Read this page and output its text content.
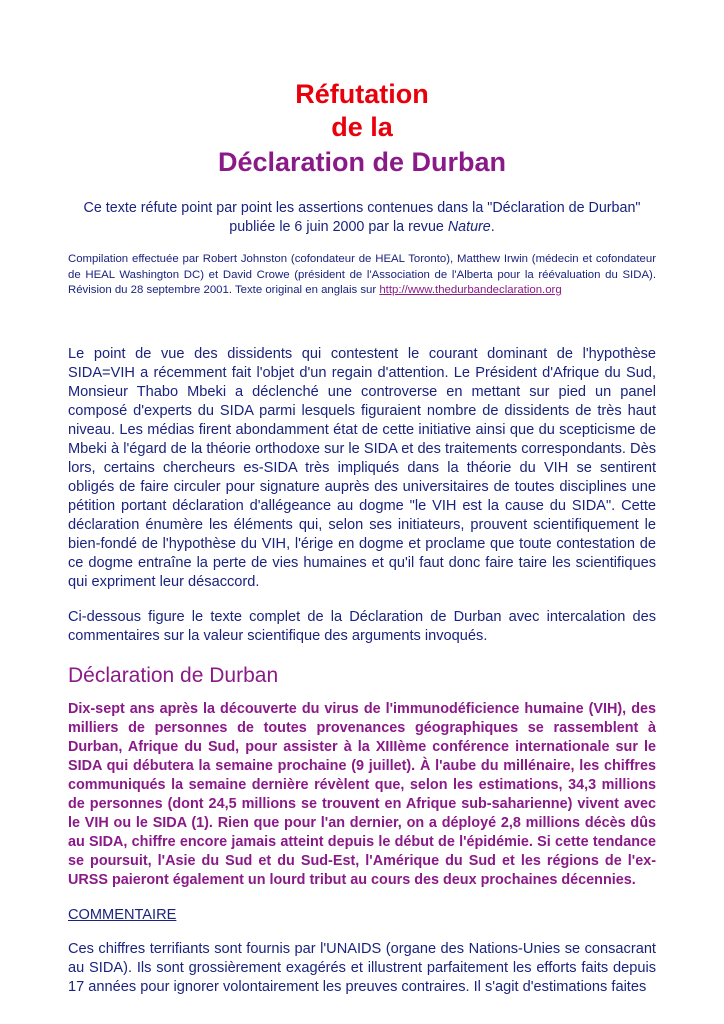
Réfutation
de la
Déclaration de Durban

Ce texte réfute point par point les assertions contenues dans la "Déclaration de Durban" publiée le 6 juin 2000 par la revue Nature.

Compilation effectuée par Robert Johnston (cofondateur de HEAL Toronto), Matthew Irwin (médecin et cofondateur de HEAL Washington DC) et David Crowe (président de l'Association de l'Alberta pour la réévaluation du SIDA). Révision du 28 septembre 2001. Texte original en anglais sur http://www.thedurbandeclaration.org

Le point de vue des dissidents qui contestent le courant dominant de l'hypothèse SIDA=VIH a récemment fait l'objet d'un regain d'attention. Le Président d'Afrique du Sud, Monsieur Thabo Mbeki a déclenché une controverse en mettant sur pied un panel composé d'experts du SIDA parmi lesquels figuraient nombre de dissidents de très haut niveau. Les médias firent abondamment état de cette initiative ainsi que du scepticisme de Mbeki à l'égard de la théorie orthodoxe sur le SIDA et des traitements correspondants. Dès lors, certains chercheurs es-SIDA très impliqués dans la théorie du VIH se sentirent obligés de faire circuler pour signature auprès des universitaires de toutes disciplines une pétition portant déclaration d'allégeance au dogme "le VIH est la cause du SIDA". Cette déclaration énumère les éléments qui, selon ses initiateurs, prouvent scientifiquement le bien-fondé de l'hypothèse du VIH, l'érige en dogme et proclame que toute contestation de ce dogme entraîne la perte de vies humaines et qu'il faut donc faire taire les scientifiques qui expriment leur désaccord.

Ci-dessous figure le texte complet de la Déclaration de Durban avec intercalation des commentaires sur la valeur scientifique des arguments invoqués.

Déclaration de Durban

Dix-sept ans après la découverte du virus de l'immunodéficience humaine (VIH), des milliers de personnes de toutes provenances géographiques se rassemblent à Durban, Afrique du Sud, pour assister à la XIIIème conférence internationale sur le SIDA qui débutera la semaine prochaine (9 juillet). À l'aube du millénaire, les chiffres communiqués la semaine dernière révèlent que, selon les estimations, 34,3 millions de personnes (dont 24,5 millions se trouvent en Afrique sub-saharienne) vivent avec le VIH ou le SIDA (1). Rien que pour l'an dernier, on a déployé 2,8 millions décès dûs au SIDA, chiffre encore jamais atteint depuis le début de l'épidémie. Si cette tendance se poursuit, l'Asie du Sud et du Sud-Est, l'Amérique du Sud et les régions de l'ex-URSS paieront également un lourd tribut au cours des deux prochaines décennies.

COMMENTAIRE

Ces chiffres terrifiants sont fournis par l'UNAIDS (organe des Nations-Unies se consacrant au SIDA). Ils sont grossièrement exagérés et illustrent parfaitement les efforts faits depuis 17 années pour ignorer volontairement les preuves contraires. Il s'agit d'estimations faites
